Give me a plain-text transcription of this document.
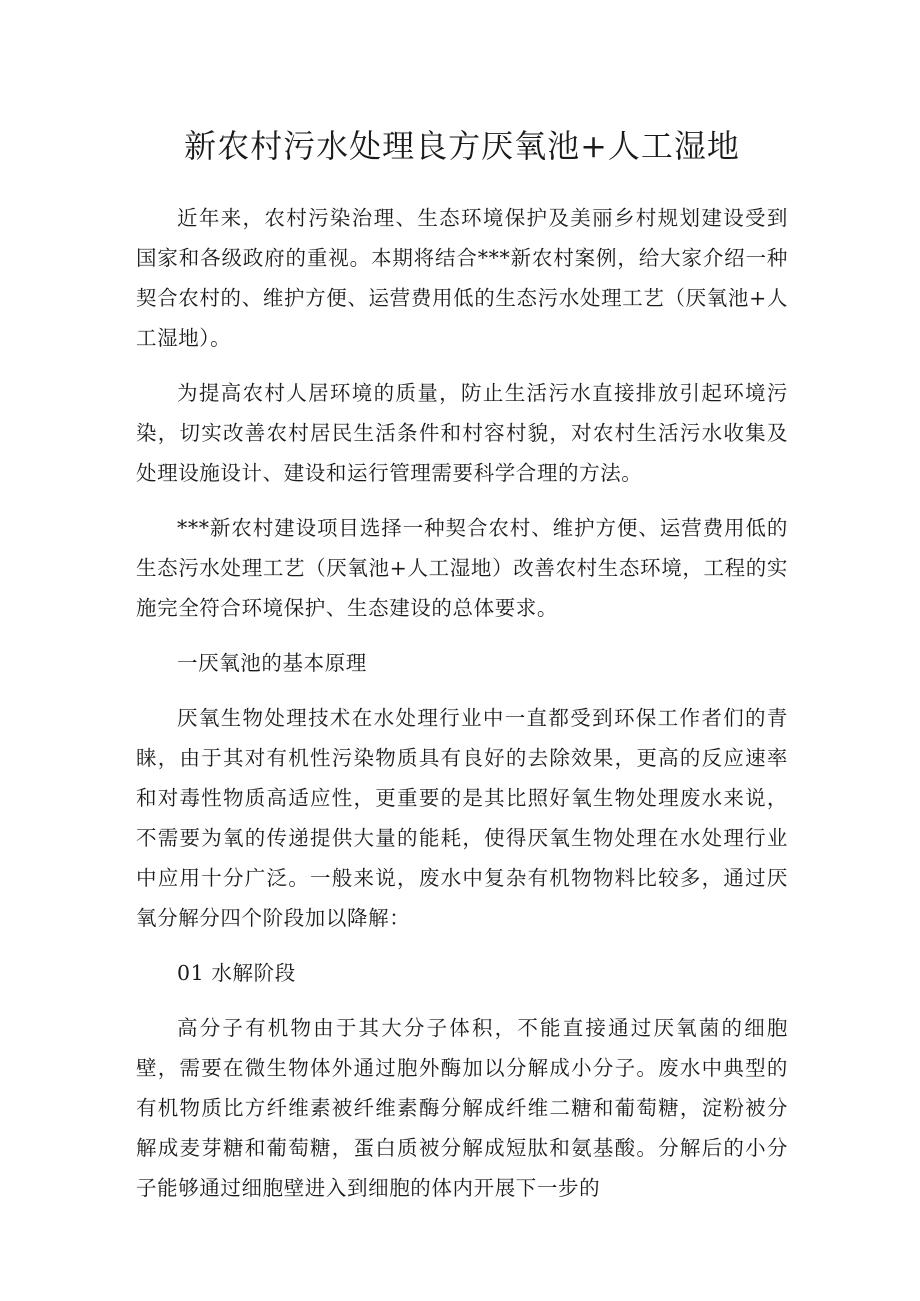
新农村污水处理良方厌氧池+人工湿地

近年来，农村污染治理、生态环境保护及美丽乡村规划建设受到国家和各级政府的重视。本期将结合***新农村案例，给大家介绍一种契合农村的、维护方便、运营费用低的生态污水处理工艺（厌氧池+人工湿地）。

为提高农村人居环境的质量，防止生活污水直接排放引起环境污染，切实改善农村居民生活条件和村容村貌，对农村生活污水收集及处理设施设计、建设和运行管理需要科学合理的方法。

***新农村建设项目选择一种契合农村、维护方便、运营费用低的生态污水处理工艺（厌氧池+人工湿地）改善农村生态环境，工程的实施完全符合环境保护、生态建设的总体要求。

一厌氧池的基本原理

厌氧生物处理技术在水处理行业中一直都受到环保工作者们的青睐，由于其对有机性污染物质具有良好的去除效果，更高的反应速率和对毒性物质高适应性，更重要的是其比照好氧生物处理废水来说，不需要为氧的传递提供大量的能耗，使得厌氧生物处理在水处理行业中应用十分广泛。一般来说，废水中复杂有机物物料比较多，通过厌氧分解分四个阶段加以降解：

01 水解阶段

高分子有机物由于其大分子体积，不能直接通过厌氧菌的细胞壁，需要在微生物体外通过胞外酶加以分解成小分子。废水中典型的有机物质比方纤维素被纤维素酶分解成纤维二糖和葡萄糖，淀粉被分解成麦芽糖和葡萄糖，蛋白质被分解成短肽和氨基酸。分解后的小分子能够通过细胞壁进入到细胞的体内开展下一步的
